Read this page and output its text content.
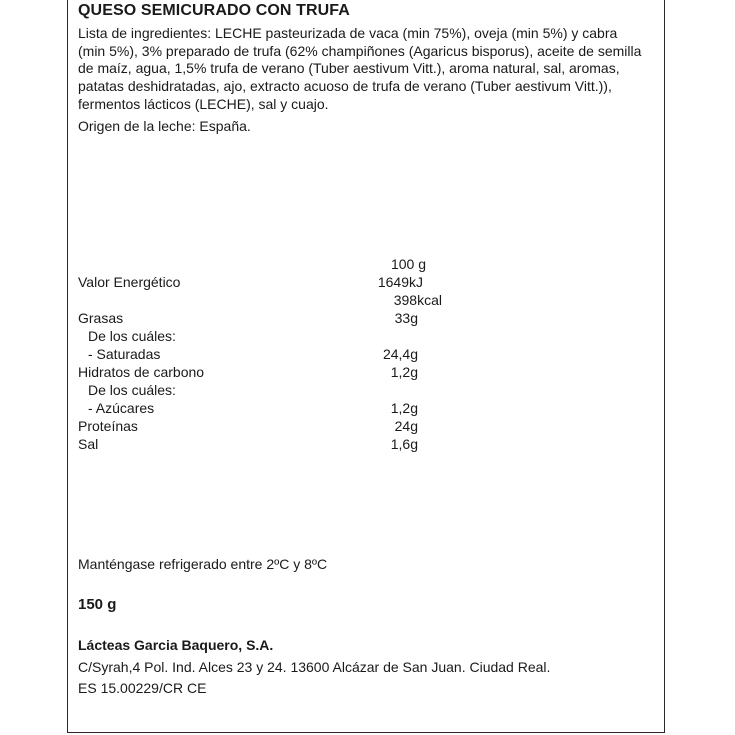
QUESO SEMICURADO CON TRUFA
Lista de ingredientes: LECHE pasteurizada de vaca (min 75%), oveja (min 5%) y cabra (min 5%), 3% preparado de trufa (62% champiñones (Agaricus bisporus), aceite de semilla de maíz, agua, 1,5% trufa de verano (Tuber aestivum Vitt.), aroma natural, sal, aromas, patatas deshidratadas, ajo, extracto acuoso de trufa de verano (Tuber aestivum Vitt.)), fermentos lácticos (LECHE), sal y cuajo.
Origen de la leche: España.
100 g
Valor Energético	1649kJ
398kcal
Grasas	33g
De los cuáles:
- Saturadas	24,4g
Hidratos de carbono	1,2g
De los cuáles:
- Azúcares	1,2g
Proteínas	24g
Sal	1,6g
Manténgase refrigerado entre 2ºC y 8ºC
150 g
Lácteas Garcia Baquero, S.A.
C/Syrah,4 Pol. Ind. Alces 23 y 24. 13600 Alcázar de San Juan. Ciudad Real.
ES 15.00229/CR CE
